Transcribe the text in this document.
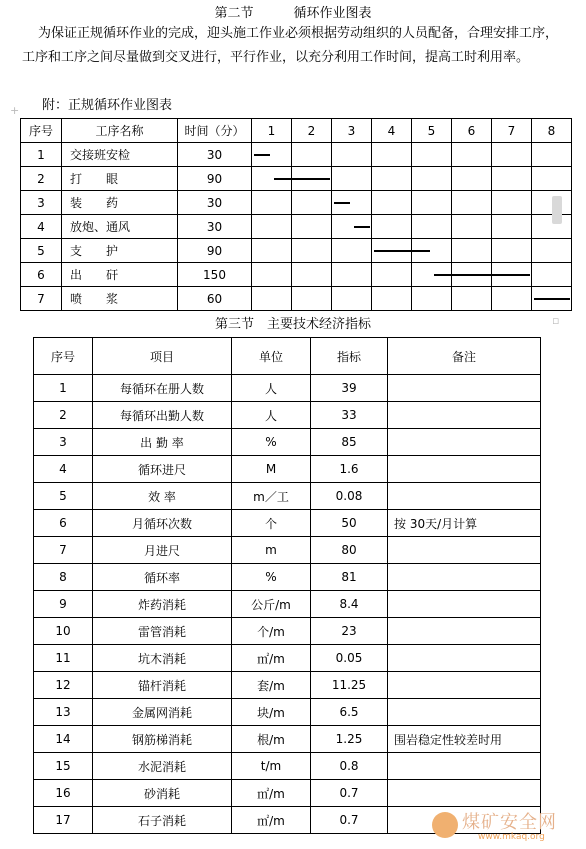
第二节	循环作业图表
为保证正规循环作业的完成，迎头施工作业必须根据劳动组织的人员配备，合理安排工序，工序和工序之间尽量做到交叉进行，平行作业，以充分利用工作时间，提高工时利用率。
+ 附：正规循环作业图表
序号	工序名称	时间（分）	1	2	3	4	5	6	7	8
1	交接班安检	30								
2	打　　眼	90								
3	装　　药	30								
4	放炮、通风	30								
5	支　　护	90								
6	出　　矸	150								
7	喷　　浆	60								
▫
第三节　主要技术经济指标
序号	项目	单位	指标	备注
1	每循环在册人数	人	39	
2	每循环出勤人数	人	33	
3	出 勤 率	%	85	
4	循环进尺	M	1.6	
5	效 率	m／工	0.08	
6	月循环次数	个	50	按 30天/月计算
7	月进尺	m	80	
8	循环率	%	81	
9	炸药消耗	公斤/m	8.4	
10	雷管消耗	个/m	23	
11	坑木消耗	㎡/m	0.05	
12	锚杆消耗	套/m	11.25	
13	金属网消耗	块/m	6.5	
14	钢筋梯消耗	根/m	1.25	围岩稳定性较差时用
15	水泥消耗	t/m	0.8	
16	砂消耗	㎡/m	0.7	
17	石子消耗	㎡/m	0.7		煤矿安全网
www.mkaq.org
